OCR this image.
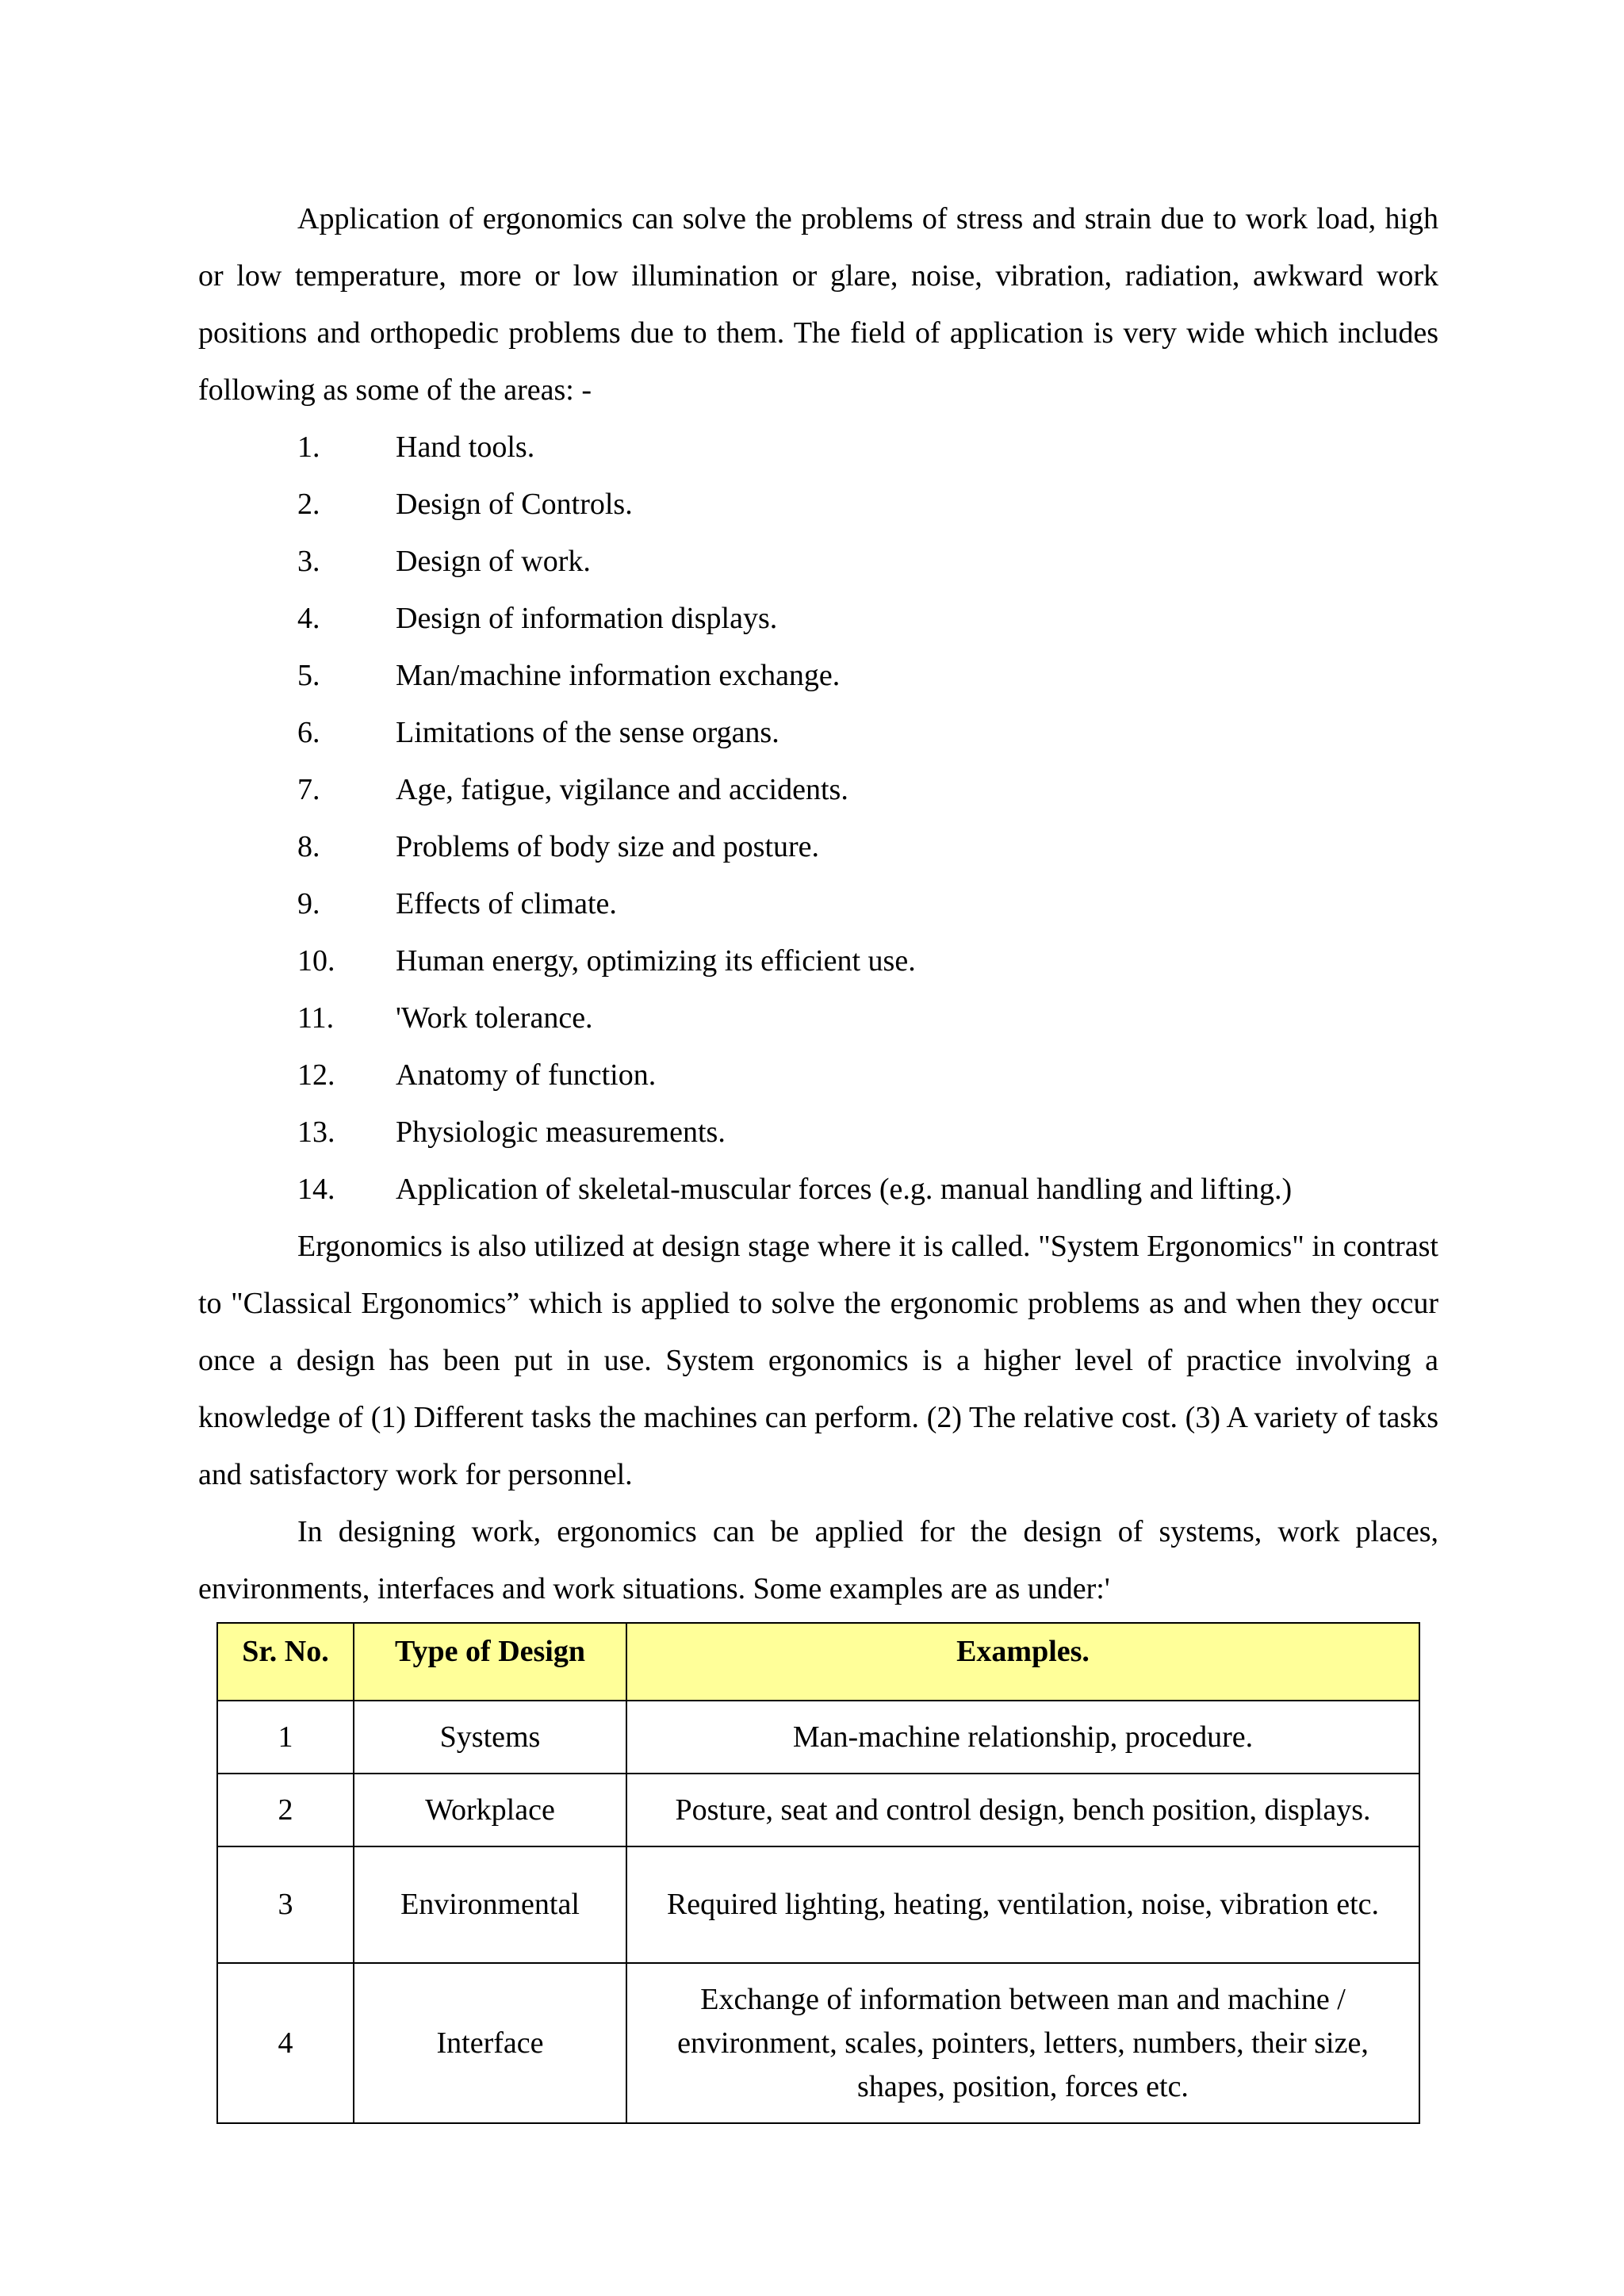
Application of ergonomics can solve the problems of stress and strain due to work load, high or low temperature, more or low illumination or glare, noise, vibration, radiation, awkward work positions and orthopedic problems due to them. The field of application is very wide which includes following as some of the areas: -

1.	Hand tools.
2.	Design of Controls.
3.	Design of work.
4.	Design of information displays.
5.	Man/machine information exchange.
6.	Limitations of the sense organs.
7.	Age, fatigue, vigilance and accidents.
8.	Problems of body size and posture.
9.	Effects of climate.
10.	Human energy, optimizing its efficient use.
11.	'Work tolerance.
12.	Anatomy of function.
13.	Physiologic measurements.
14.	Application of skeletal-muscular forces (e.g. manual handling and lifting.)

Ergonomics is also utilized at design stage where it is called. "System Ergonomics" in contrast to "Classical Ergonomics” which is applied to solve the ergonomic problems as and when they occur once a design has been put in use. System ergonomics is a higher level of practice involving a knowledge of (1) Different tasks the machines can perform. (2) The relative cost. (3) A variety of tasks and satisfactory work for personnel.

In designing work, ergonomics can be applied for the design of systems, work places, environments, interfaces and work situations. Some examples are as under:'

Sr. No.	Type of Design	Examples.
1	Systems	Man-machine relationship, procedure.
2	Workplace	Posture, seat and control design, bench position, displays.
3	Environmental	Required lighting, heating, ventilation, noise, vibration etc.
4	Interface	Exchange of information between man and machine / environment, scales, pointers, letters, numbers, their size, shapes, position, forces etc.
